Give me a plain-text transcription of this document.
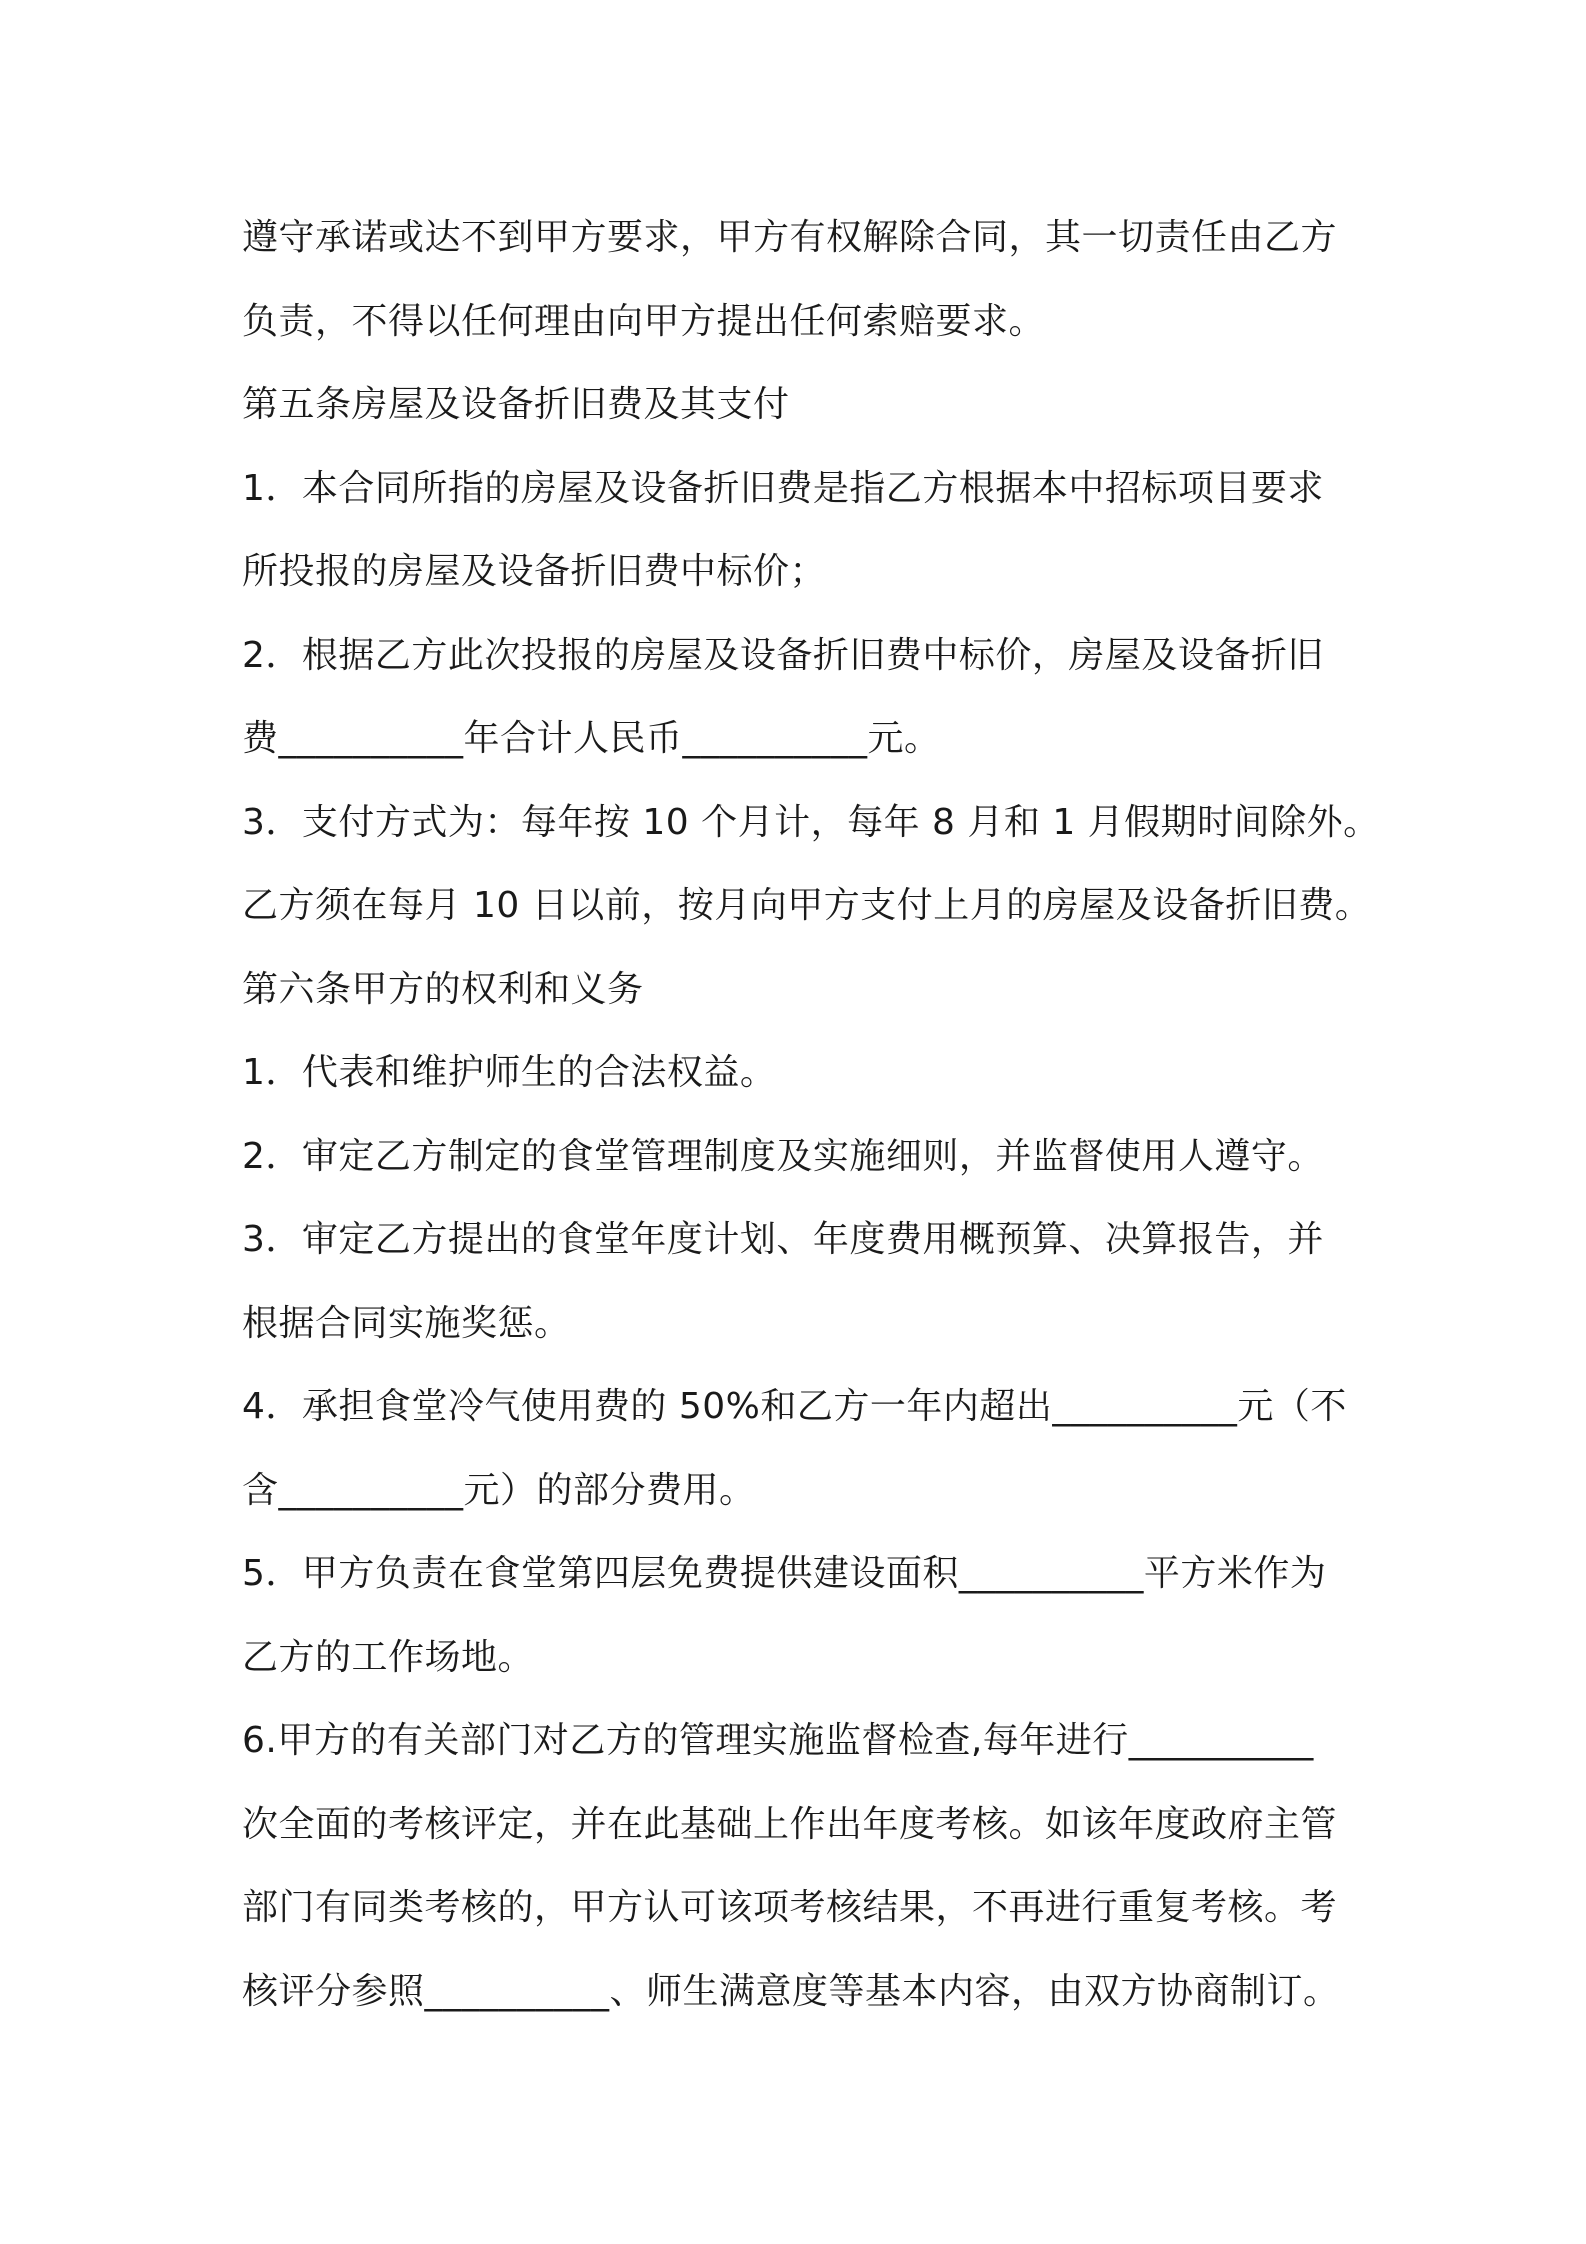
遵守承诺或达不到甲方要求，甲方有权解除合同，其一切责任由乙方
负责，不得以任何理由向甲方提出任何索赔要求。
第五条房屋及设备折旧费及其支付
1．本合同所指的房屋及设备折旧费是指乙方根据本中招标项目要求
所投报的房屋及设备折旧费中标价；
2．根据乙方此次投报的房屋及设备折旧费中标价，房屋及设备折旧
费__________年合计人民币__________元。
3．支付方式为：每年按 10 个月计，每年 8 月和 1 月假期时间除外。
乙方须在每月 10 日以前，按月向甲方支付上月的房屋及设备折旧费。
第六条甲方的权利和义务
1．代表和维护师生的合法权益。
2．审定乙方制定的食堂管理制度及实施细则，并监督使用人遵守。
3．审定乙方提出的食堂年度计划、年度费用概预算、决算报告，并
根据合同实施奖惩。
4．承担食堂冷气使用费的 50%和乙方一年内超出__________元（不
含__________元）的部分费用。
5．甲方负责在食堂第四层免费提供建设面积__________平方米作为
乙方的工作场地。
6.甲方的有关部门对乙方的管理实施监督检查,每年进行__________
次全面的考核评定，并在此基础上作出年度考核。如该年度政府主管
部门有同类考核的，甲方认可该项考核结果，不再进行重复考核。考
核评分参照__________、师生满意度等基本内容，由双方协商制订。
